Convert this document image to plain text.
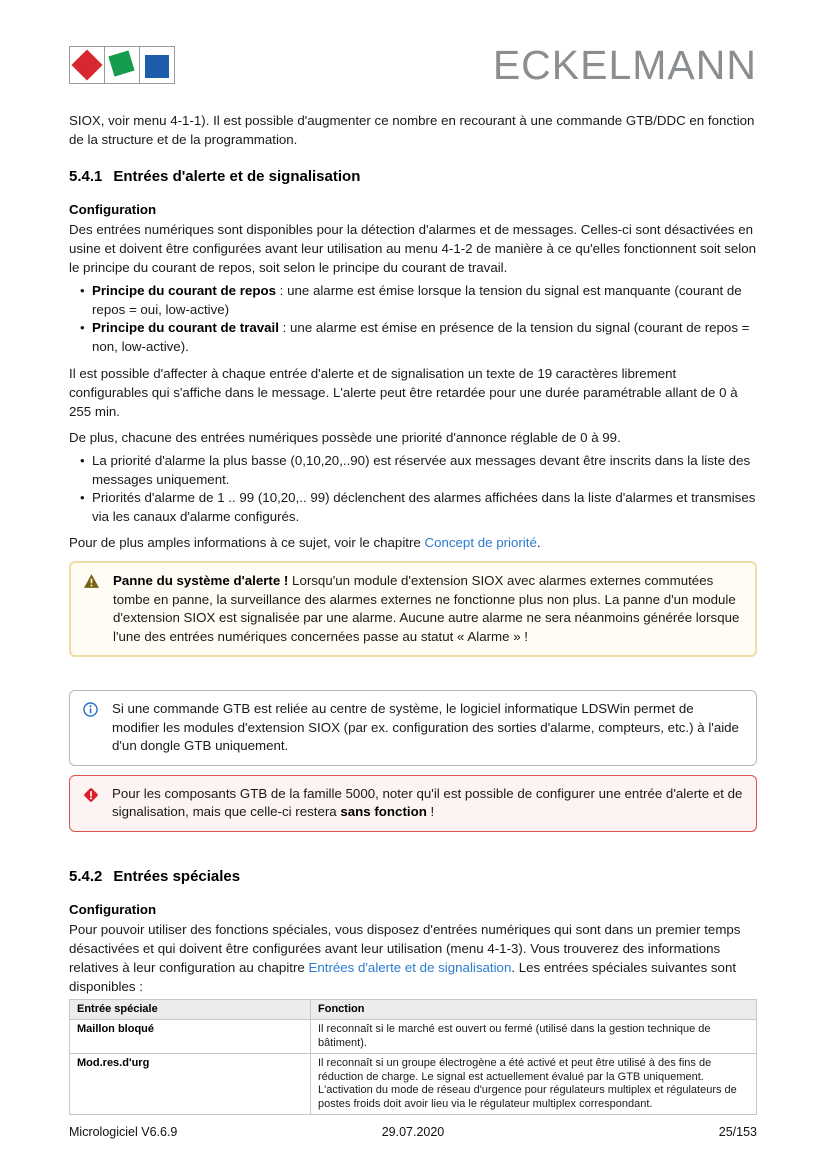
ECKELMANN

SIOX, voir menu 4-1-1). Il est possible d'augmenter ce nombre en recourant à une commande GTB/DDC en fonction de la structure et de la programmation.

5.4.1 Entrées d'alerte et de signalisation
Configuration

Des entrées numériques sont disponibles pour la détection d'alarmes et de messages. Celles-ci sont désactivées en usine et doivent être configurées avant leur utilisation au menu 4-1-2 de manière à ce qu'elles fonctionnent soit selon le principe du courant de repos, soit selon le principe du courant de travail.

• Principe du courant de repos : une alarme est émise lorsque la tension du signal est manquante (courant de repos = oui, low-active)
• Principe du courant de travail : une alarme est émise en présence de la tension du signal (courant de repos = non, low-active).

Il est possible d'affecter à chaque entrée d'alerte et de signalisation un texte de 19 caractères librement configurables qui s'affiche dans le message. L'alerte peut être retardée pour une durée paramétrable allant de 0 à 255 min.

De plus, chacune des entrées numériques possède une priorité d'annonce réglable de 0 à 99.

• La priorité d'alarme la plus basse (0,10,20,..90) est réservée aux messages devant être inscrits dans la liste des messages uniquement.
• Priorités d'alarme de 1 .. 99 (10,20,.. 99) déclenchent des alarmes affichées dans la liste d'alarmes et transmises via les canaux d'alarme configurés.

Pour de plus amples informations à ce sujet, voir le chapitre Concept de priorité.

Panne du système d'alerte ! Lorsqu'un module d'extension SIOX avec alarmes externes commutées tombe en panne, la surveillance des alarmes externes ne fonctionne plus non plus. La panne d'un module d'extension SIOX est signalisée par une alarme. Aucune autre alarme ne sera néanmoins générée lorsque l'une des entrées numériques concernées passe au statut « Alarme » !
Si une commande GTB est reliée au centre de système, le logiciel informatique LDSWin permet de modifier les modules d'extension SIOX (par ex. configuration des sorties d'alarme, compteurs, etc.) à l'aide d'un dongle GTB uniquement.
Pour les composants GTB de la famille 5000, noter qu'il est possible de configurer une entrée d'alerte et de signalisation, mais que celle-ci restera sans fonction !
5.4.2 Entrées spéciales
Configuration

Pour pouvoir utiliser des fonctions spéciales, vous disposez d'entrées numériques qui sont dans un premier temps désactivées et qui doivent être configurées avant leur utilisation (menu 4-1-3). Vous trouverez des informations relatives à leur configuration au chapitre Entrées d'alerte et de signalisation. Les entrées spéciales suivantes sont disponibles :

Entrée spéciale	Fonction
Maillon bloqué	Il reconnaît si le marché est ouvert ou fermé (utilisé dans la gestion technique de bâtiment).
Mod.res.d'urg	Il reconnaît si un groupe électrogène a été activé et peut être utilisé à des fins de réduction de charge. Le signal est actuellement évalué par la GTB uniquement. L'activation du mode de réseau d'urgence pour régulateurs multiplex et régulateurs de postes froids doit avoir lieu via le régulateur multiplex correspondant.
Micrologiciel V6.6.9	29.07.2020	25/153
